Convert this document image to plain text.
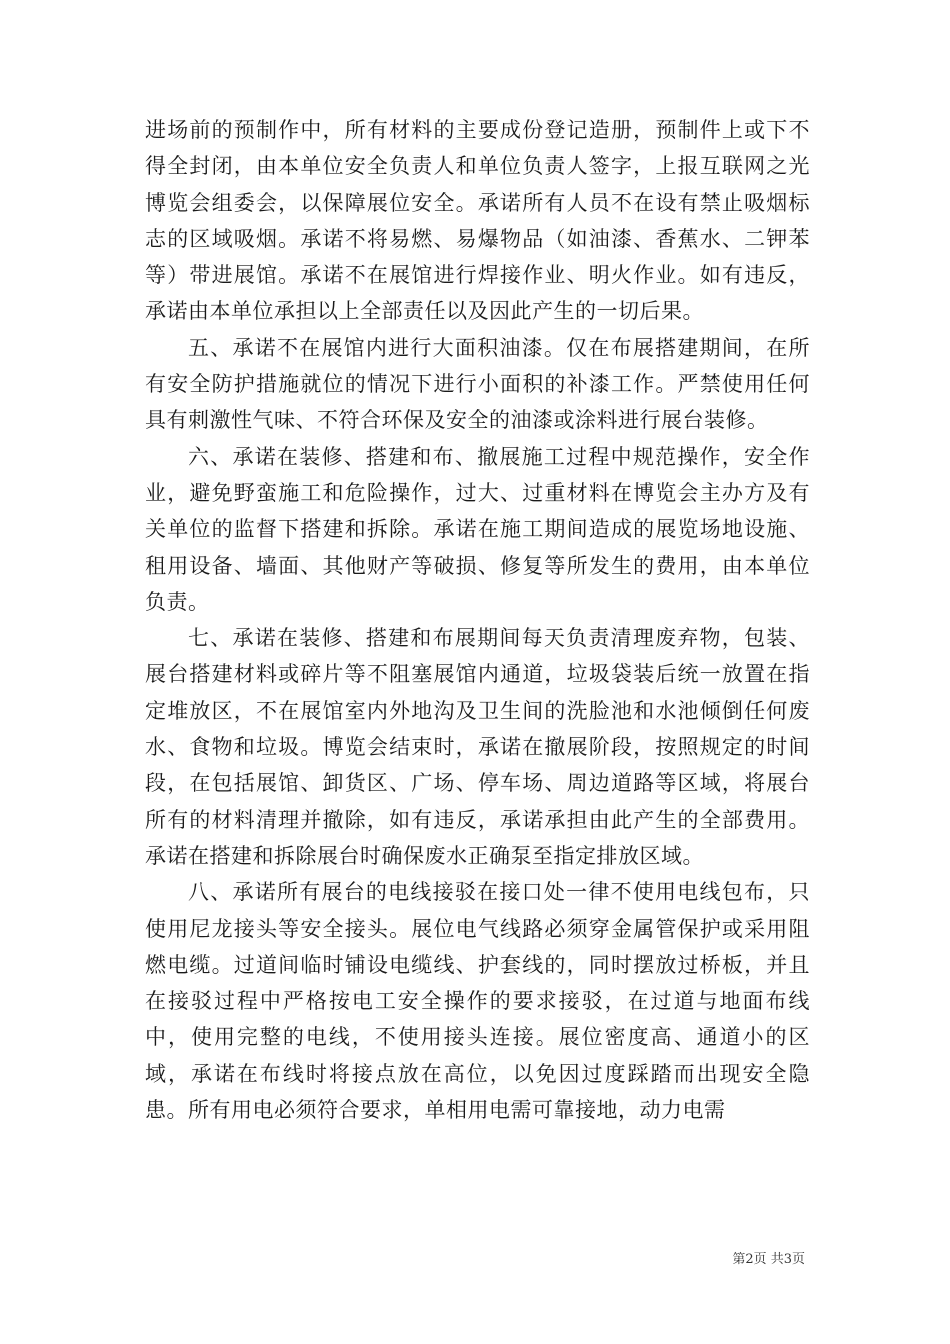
进场前的预制作中，所有材料的主要成份登记造册，预制件上或下不得全封闭，由本单位安全负责人和单位负责人签字，上报互联网之光博览会组委会，以保障展位安全。承诺所有人员不在设有禁止吸烟标志的区域吸烟。承诺不将易燃、易爆物品（如油漆、香蕉水、二钾苯等）带进展馆。承诺不在展馆进行焊接作业、明火作业。如有违反，承诺由本单位承担以上全部责任以及因此产生的一切后果。

五、承诺不在展馆内进行大面积油漆。仅在布展搭建期间，在所有安全防护措施就位的情况下进行小面积的补漆工作。严禁使用任何具有刺激性气味、不符合环保及安全的油漆或涂料进行展台装修。

六、承诺在装修、搭建和布、撤展施工过程中规范操作，安全作业，避免野蛮施工和危险操作，过大、过重材料在博览会主办方及有关单位的监督下搭建和拆除。承诺在施工期间造成的展览场地设施、租用设备、墙面、其他财产等破损、修复等所发生的费用，由本单位负责。

七、承诺在装修、搭建和布展期间每天负责清理废弃物，包装、展台搭建材料或碎片等不阻塞展馆内通道，垃圾袋装后统一放置在指定堆放区，不在展馆室内外地沟及卫生间的洗脸池和水池倾倒任何废水、食物和垃圾。博览会结束时，承诺在撤展阶段，按照规定的时间段，在包括展馆、卸货区、广场、停车场、周边道路等区域，将展台所有的材料清理并撤除，如有违反，承诺承担由此产生的全部费用。承诺在搭建和拆除展台时确保废水正确泵至指定排放区域。

八、承诺所有展台的电线接驳在接口处一律不使用电线包布，只使用尼龙接头等安全接头。展位电气线路必须穿金属管保护或采用阻燃电缆。过道间临时铺设电缆线、护套线的，同时摆放过桥板，并且在接驳过程中严格按电工安全操作的要求接驳，在过道与地面布线中，使用完整的电线，不使用接头连接。展位密度高、通道小的区域，承诺在布线时将接点放在高位，以免因过度踩踏而出现安全隐患。所有用电必须符合要求，单相用电需可靠接地，动力电需

第2页 共3页
